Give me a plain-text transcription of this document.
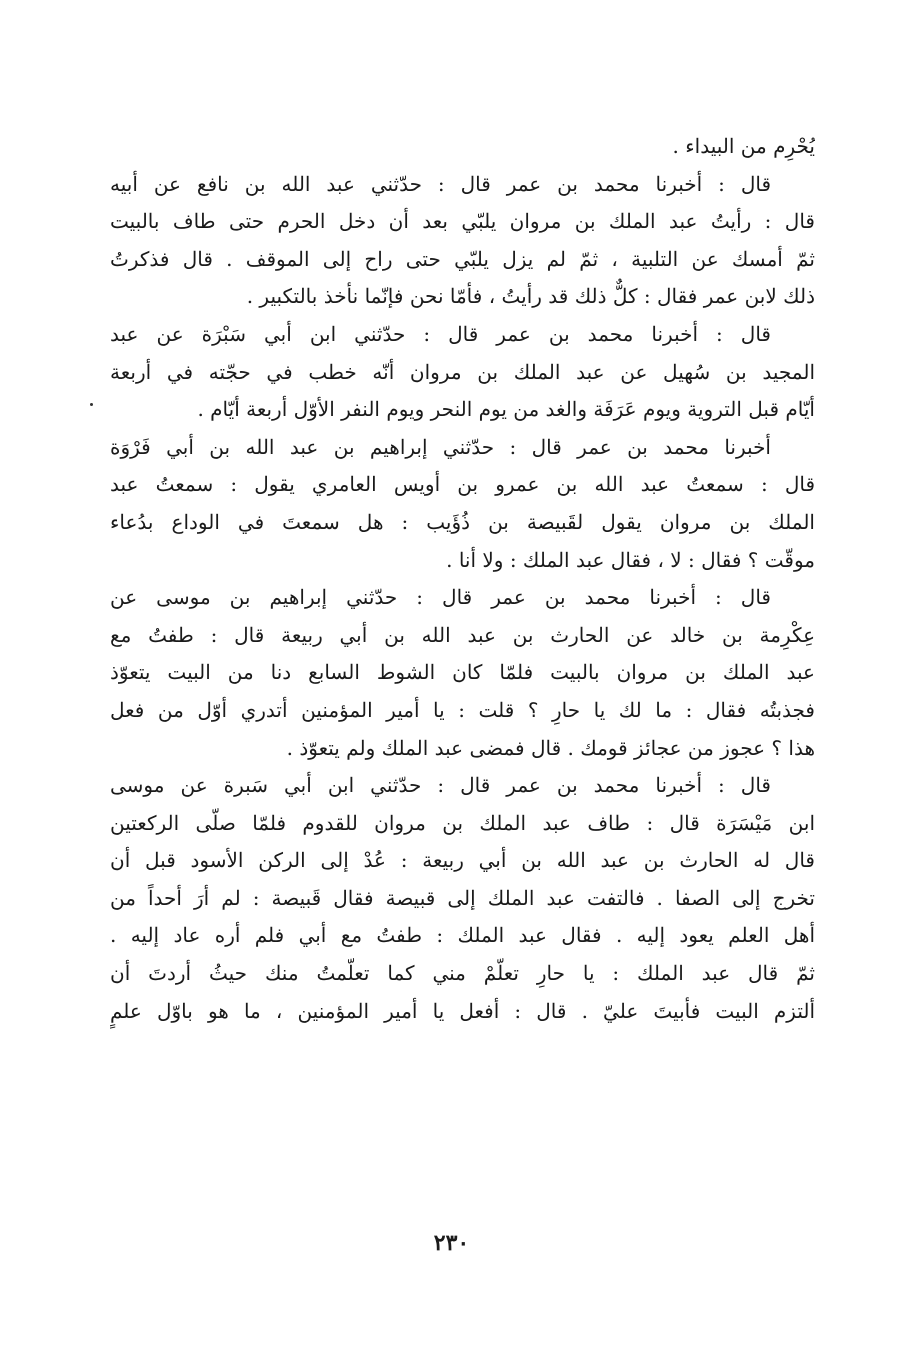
يُحْرِم من البيداء .
قال : أخبرنا محمد بن عمر قال : حدّثني عبد الله بن نافع عن أبيه
قال : رأيتُ عبد الملك بن مروان يلبّي بعد أن دخل الحرم حتى طاف بالبيت
ثمّ أمسك عن التلبية ، ثمّ لم يزل يلبّي حتى راح إلى الموقف . قال فذكرتُ
ذلك لابن عمر فقال : كلٌّ ذلك قد رأيتُ ، فأمّا نحن فإنّما نأخذ بالتكبير .
قال : أخبرنا محمد بن عمر قال : حدّثني ابن أبي سَبْرَة عن عبد
المجيد بن سُهيل عن عبد الملك بن مروان أنّه خطب في حجّته في أربعة
أيّام قبل التروية ويوم عَرَفَة والغد من يوم النحر ويوم النفر الأوّل أربعة أيّام .
أخبرنا محمد بن عمر قال : حدّثني إبراهيم بن عبد الله بن أبي فَرْوَة
قال : سمعتُ عبد الله بن عمرو بن أويس العامري يقول : سمعتُ عبد
الملك بن مروان يقول لقَبيصة بن ذُؤَيب : هل سمعتَ في الوداع بدُعاء
موقّت ؟ فقال : لا ، فقال عبد الملك : ولا أنا .
قال : أخبرنا محمد بن عمر قال : حدّثني إبراهيم بن موسى عن
عِكْرِمة بن خالد عن الحارث بن عبد الله بن أبي ربيعة قال : طفتُ مع
عبد الملك بن مروان بالبيت فلمّا كان الشوط السابع دنا من البيت يتعوّذ
فجذبتُه فقال : ما لك يا حارِ ؟ قلت : يا أمير المؤمنين أتدري أوّل من فعل
هذا ؟ عجوز من عجائز قومك . قال فمضى عبد الملك ولم يتعوّذ .
قال : أخبرنا محمد بن عمر قال : حدّثني ابن أبي سَبرة عن موسى
ابن مَيْسَرَة قال : طاف عبد الملك بن مروان للقدوم فلمّا صلّى الركعتين
قال له الحارث بن عبد الله بن أبي ربيعة : عُدْ إلى الركن الأسود قبل أن
تخرج إلى الصفا . فالتفت عبد الملك إلى قبيصة فقال قَبيصة : لم أرَ أحداً من
أهل العلم يعود إليه . فقال عبد الملك : طفتُ مع أبي فلم أره عاد إليه .
ثمّ قال عبد الملك : يا حارِ تعلّمْ مني كما تعلّمتُ منك حيثُ أردتَ أن
ألتزم البيت فأبيتَ عليّ . قال : أفعل يا أمير المؤمنين ، ما هو باوّل علمٍ
٢٣٠
